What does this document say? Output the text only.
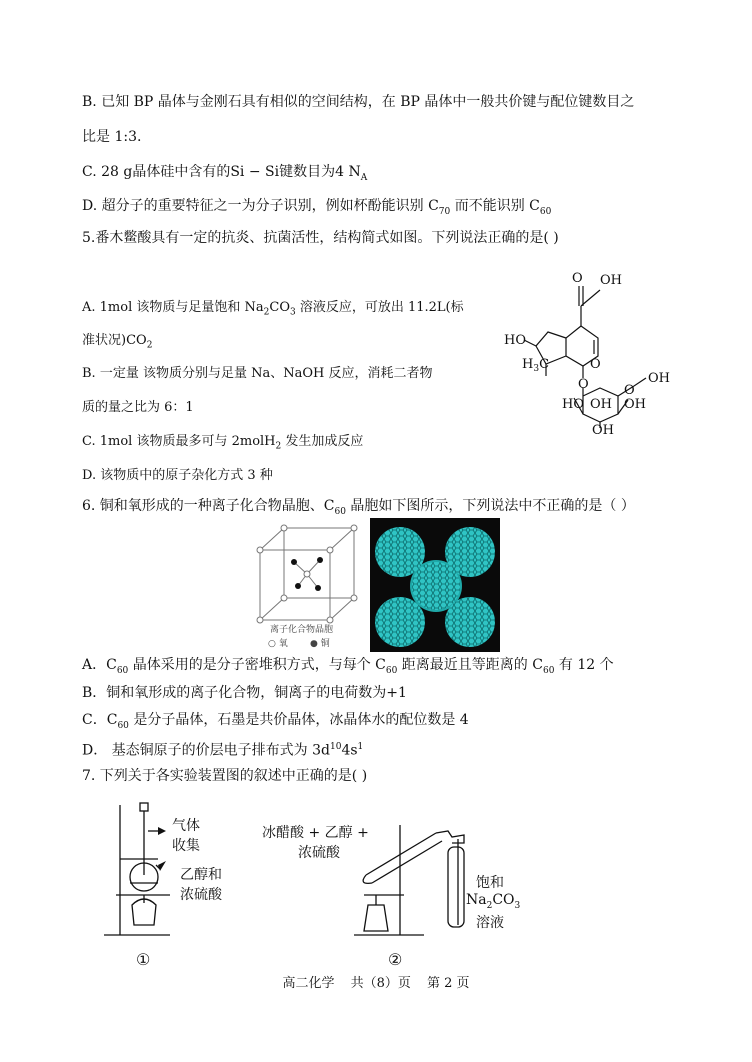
B. 已知 BP 晶体与金刚石具有相似的空间结构，在 BP 晶体中一般共价键与配位键数目之
比是 1:3.
C. 28 g晶体硅中含有的Si − Si键数目为4 $N_A$
D. 超分子的重要特征之一为分子识别，例如杯酚能识别 $C_{70}$ 而不能识别 $C_{60}$
5.番木鳖酸具有一定的抗炎、抗菌活性，结构简式如图。下列说法正确的是( )
A. 1mol 该物质与足量饱和 $Na_2CO_3$ 溶液反应，可放出 11.2L(标
准状况)$CO_2$
B. 一定量 该物质分别与足量 Na、NaOH 反应，消耗二者物
质的量之比为 6：1
C. 1mol 该物质最多可与 2molH$_2$ 发生加成反应
D. 该物质中的原子杂化方式 3 种
O OH
HO
$H_3C$	O
O	OH
O
HO	OH
OH
OH
6. 铜和氧形成的一种离子化合物晶胞、$C_{60}$ 晶胞如下图所示，下列说法中不正确的是（ ）
离子化合物晶胞
○ 氧 ● 铜
A．$C_{60}$ 晶体采用的是分子密堆积方式，与每个 $C_{60}$ 距离最近且等距离的 $C_{60}$ 有 12 个
B．铜和氧形成的离子化合物，铜离子的电荷数为+1
C．$C_{60}$ 是分子晶体，石墨是共价晶体，冰晶体水的配位数是 4
D． 基态铜原子的价层电子排布式为 $3d^{10}4s^1$
7. 下列关于各实验装置图的叙述中正确的是( )
气体
收集
乙醇和
浓硫酸
①
冰醋酸 + 乙醇 +
浓硫酸
饱和
$Na_2CO_3$
溶液
②
高二化学 共（8）页 第 2 页
